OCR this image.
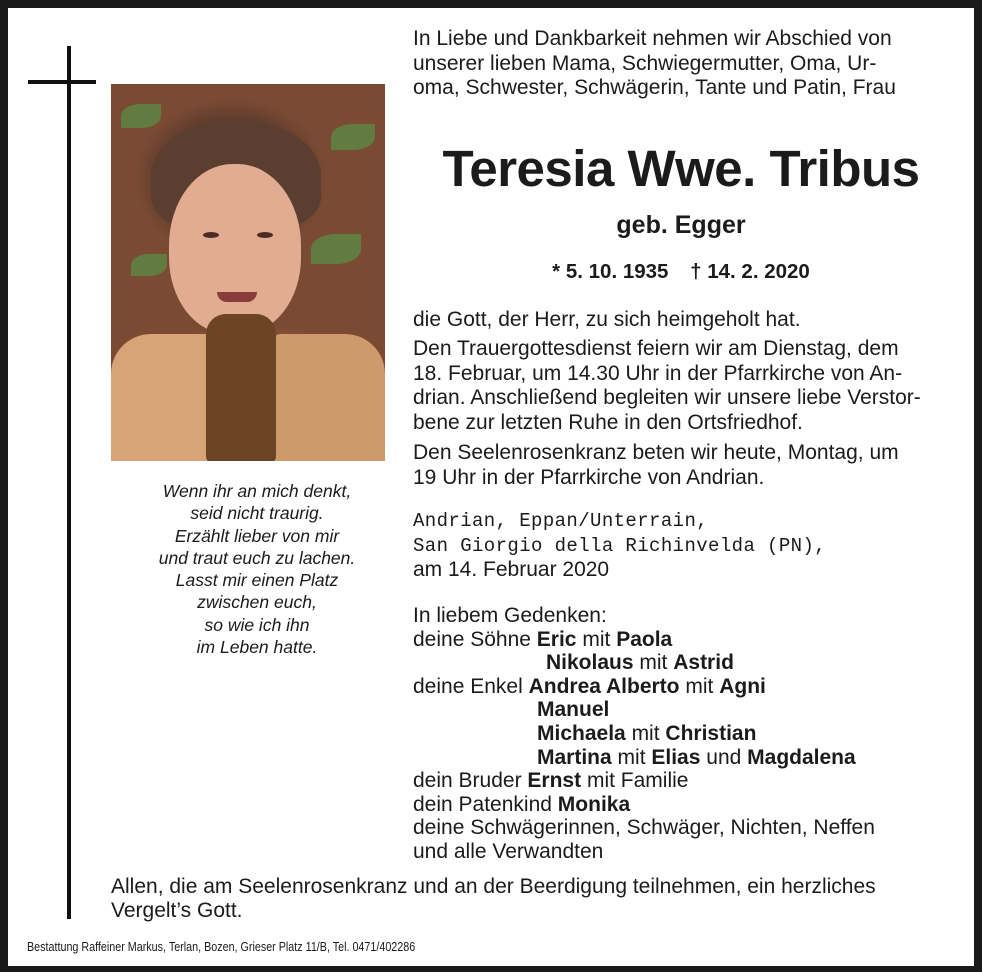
Wenn ihr an mich denkt,
seid nicht traurig.
Erzählt lieber von mir
und traut euch zu lachen.
Lasst mir einen Platz
zwischen euch,
so wie ich ihn
im Leben hatte.
In Liebe und Dankbarkeit nehmen wir Abschied von
unserer lieben Mama, Schwiegermutter, Oma, Ur-
oma, Schwester, Schwägerin, Tante und Patin, Frau
Teresia Wwe. Tribus
geb. Egger
* 5. 10. 1935 † 14. 2. 2020
die Gott, der Herr, zu sich heimgeholt hat.
Den Trauergottesdienst feiern wir am Dienstag, dem
18. Februar, um 14.30 Uhr in der Pfarrkirche von An-
drian. Anschließend begleiten wir unsere liebe Verstor-
bene zur letzten Ruhe in den Ortsfriedhof.
Den Seelenrosenkranz beten wir heute, Montag, um
19 Uhr in der Pfarrkirche von Andrian.
Andrian, Eppan/Unterrain,
San Giorgio della Richinvelda (PN),
am 14. Februar 2020
In liebem Gedenken:
deine Söhne Eric mit Paola
Nikolaus mit Astrid
deine Enkel Andrea Alberto mit Agni
Manuel
Michaela mit Christian
Martina mit Elias und Magdalena
dein Bruder Ernst mit Familie
dein Patenkind Monika
deine Schwägerinnen, Schwäger, Nichten, Neffen
und alle Verwandten
Allen, die am Seelenrosenkranz und an der Beerdigung teilnehmen, ein herzliches
Vergelt’s Gott.
Bestattung Raffeiner Markus, Terlan, Bozen, Grieser Platz 11/B, Tel. 0471/402286
